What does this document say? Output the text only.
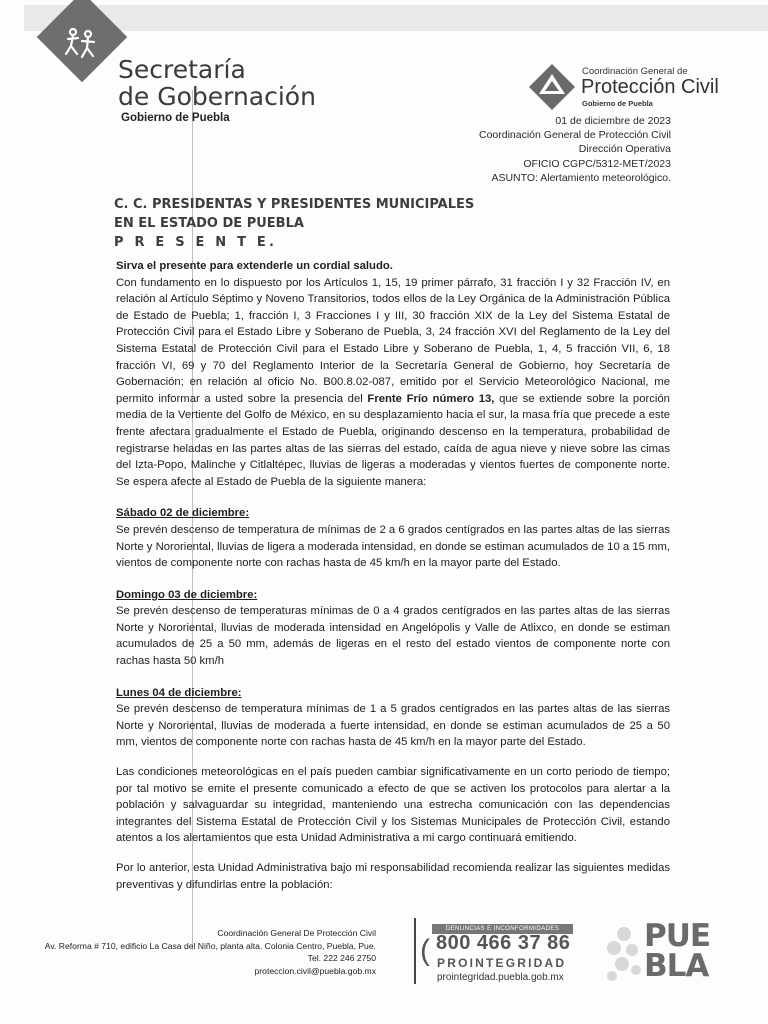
Secretaría
de Gobernación
Gobierno de Puebla
Coordinación General de
Protección Civil
Gobierno de Puebla
01 de diciembre de 2023
Coordinación General de Protección Civil
Dirección Operativa
OFICIO CGPC/5312-MET/2023
ASUNTO: Alertamiento meteorológico.
C. C. PRESIDENTAS Y PRESIDENTES MUNICIPALES
EN EL ESTADO DE PUEBLA
P R E S E N T E.

Sirva el presente para extenderle un cordial saludo.

Con fundamento en lo dispuesto por los Artículos 1, 15, 19 primer párrafo, 31 fracción I y 32 Fracción IV, en relación al Artículo Séptimo y Noveno Transitorios, todos ellos de la Ley Orgánica de la Administración Pública de Estado de Puebla; 1, fracción I, 3 Fracciones I y III, 30 fracción XIX de la Ley del Sistema Estatal de Protección Civil para el Estado Libre y Soberano de Puebla, 3, 24 fracción XVI del Reglamento de la Ley del Sistema Estatal de Protección Civil para el Estado Libre y Soberano de Puebla, 1, 4, 5 fracción VII, 6, 18 fracción VI, 69 y 70 del Reglamento Interior de la Secretaría General de Gobierno, hoy Secretaría de Gobernación; en relación al oficio No. B00.8.02-087, emitido por el Servicio Meteorológico Nacional, me permito informar a usted sobre la presencia del Frente Frío número 13, que se extiende sobre la porción media de la Vertiente del Golfo de México, en su desplazamiento hacia el sur, la masa fría que precede a este frente afectara gradualmente el Estado de Puebla, originando descenso en la temperatura, probabilidad de registrarse heladas en las partes altas de las sierras del estado, caída de agua nieve y nieve sobre las cimas del Izta-Popo, Malinche y Citlaltépec, lluvias de ligeras a moderadas y vientos fuertes de componente norte. Se espera afecte al Estado de Puebla de la siguiente manera:

Sábado 02 de diciembre:

Se prevén descenso de temperatura de mínimas de 2 a 6 grados centígrados en las partes altas de las sierras Norte y Nororiental, lluvias de ligera a moderada intensidad, en donde se estiman acumulados de 10 a 15 mm, vientos de componente norte con rachas hasta de 45 km/h en la mayor parte del Estado.

Domingo 03 de diciembre:

Se prevén descenso de temperaturas mínimas de 0 a 4 grados centígrados en las partes altas de las sierras Norte y Nororiental, lluvias de moderada intensidad en Angelópolis y Valle de Atlixco, en donde se estiman acumulados de 25 a 50 mm, además de ligeras en el resto del estado vientos de componente norte con rachas hasta 50 km/h

Lunes 04 de diciembre:

Se prevén descenso de temperatura mínimas de 1 a 5 grados centígrados en las partes altas de las sierras Norte y Nororiental, lluvias de moderada a fuerte intensidad, en donde se estiman acumulados de 25 a 50 mm, vientos de componente norte con rachas hasta de 45 km/h en la mayor parte del Estado.

Las condiciones meteorológicas en el país pueden cambiar significativamente en un corto periodo de tiempo; por tal motivo se emite el presente comunicado a efecto de que se activen los protocolos para alertar a la población y salvaguardar su integridad, manteniendo una estrecha comunicación con las dependencias integrantes del Sistema Estatal de Protección Civil y los Sistemas Municipales de Protección Civil, estando atentos a los alertamientos que esta Unidad Administrativa a mi cargo continuará emitiendo.

Por lo anterior, esta Unidad Administrativa bajo mi responsabilidad recomienda realizar las siguientes medidas preventivas y difundirlas entre la población:

Coordinación General De Protección Civil
Av. Reforma # 710, edificio La Casa del Niño, planta alta. Colonia Centro, Puebla, Pue.
Tel. 222 246 2750
proteccion.civil@puebla.gob.mx
DENUNCIAS E INCONFORMIDADES
( 800 466 37 86
PROINTEGRIDAD
prointegridad.puebla.gob.mx
PUE
BLA
